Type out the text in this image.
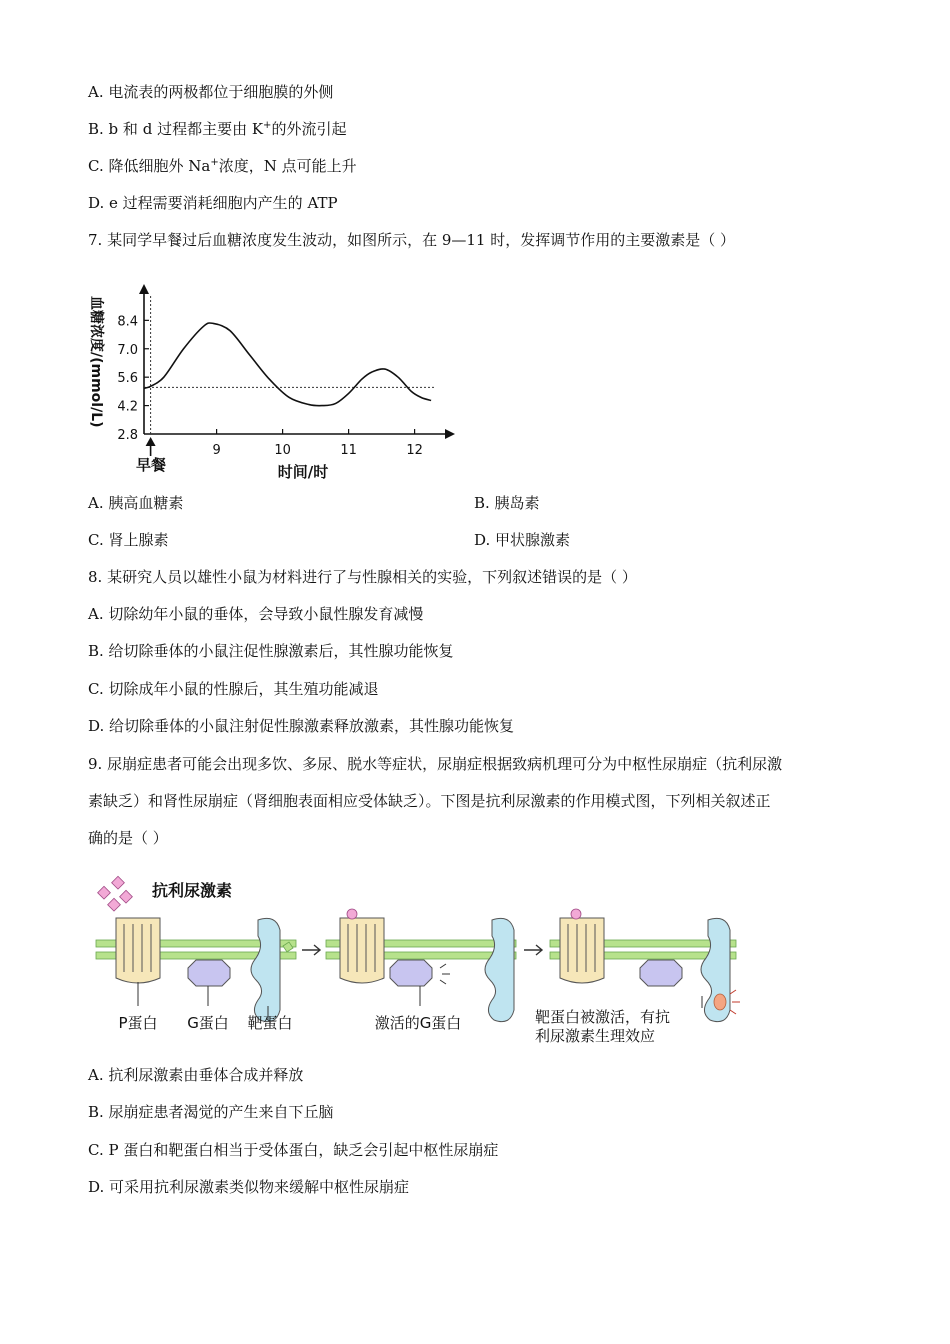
A. 电流表的两极都位于细胞膜的外侧
B. b 和 d 过程都主要由 K+的外流引起
C. 降低细胞外 Na+浓度，N 点可能上升
D. e 过程需要消耗细胞内产生的 ATP
7. 某同学早餐过后血糖浓度发生波动，如图所示，在 9—11 时，发挥调节作用的主要激素是（ ）
血糖浓度/(mmol/L) 8.4
7.0
5.6
4.2
2.8
9	10	11	12
早餐	时间/时
A. 胰高血糖素	B. 胰岛素
C. 肾上腺素	D. 甲状腺激素
8. 某研究人员以雄性小鼠为材料进行了与性腺相关的实验，下列叙述错误的是（ ）
A. 切除幼年小鼠的垂体，会导致小鼠性腺发育减慢
B. 给切除垂体的小鼠注促性腺激素后，其性腺功能恢复
C. 切除成年小鼠的性腺后，其生殖功能减退
D. 给切除垂体的小鼠注射促性腺激素释放激素，其性腺功能恢复
9. 尿崩症患者可能会出现多饮、多尿、脱水等症状，尿崩症根据致病机理可分为中枢性尿崩症（抗利尿激
素缺乏）和肾性尿崩症（肾细胞表面相应受体缺乏）。下图是抗利尿激素的作用模式图，下列相关叙述正
确的是（ ）
抗利尿激素
P蛋白 G蛋白 靶蛋白	激活的G蛋白	靶蛋白被激活，有抗
利尿激素生理效应
A. 抗利尿激素由垂体合成并释放
B. 尿崩症患者渴觉的产生来自下丘脑
C. P 蛋白和靶蛋白相当于受体蛋白，缺乏会引起中枢性尿崩症
D. 可采用抗利尿激素类似物来缓解中枢性尿崩症
